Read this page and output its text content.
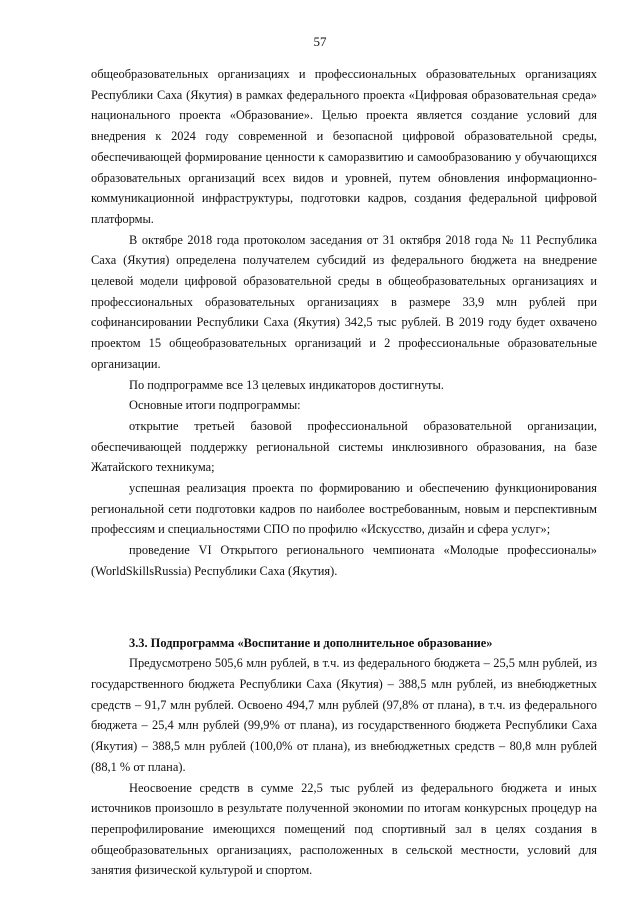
57

общеобразовательных организациях и профессиональных образовательных организациях Республики Саха (Якутия) в рамках федерального проекта «Цифровая образовательная среда» национального проекта «Образование». Целью проекта является создание условий для внедрения к 2024 году современной и безопасной цифровой образовательной среды, обеспечивающей формирование ценности к саморазвитию и самообразованию у обучающихся образовательных организаций всех видов и уровней, путем обновления информационно-коммуникационной инфраструктуры, подготовки кадров, создания федеральной цифровой платформы.

В октябре 2018 года протоколом заседания от 31 октября 2018 года № 11 Республика Саха (Якутия) определена получателем субсидий из федерального бюджета на внедрение целевой модели цифровой образовательной среды в общеобразовательных организациях и профессиональных образовательных организациях в размере 33,9 млн рублей при софинансировании Республики Саха (Якутия) 342,5 тыс рублей. В 2019 году будет охвачено проектом 15 общеобразовательных организаций и 2 профессиональные образовательные организации.

По подпрограмме все 13 целевых индикаторов достигнуты.

Основные итоги подпрограммы:

открытие третьей базовой профессиональной образовательной организации, обеспечивающей поддержку региональной системы инклюзивного образования, на базе Жатайского техникума;

успешная реализация проекта по формированию и обеспечению функционирования региональной сети подготовки кадров по наиболее востребованным, новым и перспективным профессиям и специальностями СПО по профилю «Искусство, дизайн и сфера услуг»;

проведение VI Открытого регионального чемпионата «Молодые профессионалы» (WorldSkillsRussia) Республики Саха (Якутия).

3.3. Подпрограмма «Воспитание и дополнительное образование»

Предусмотрено 505,6 млн рублей, в т.ч. из федерального бюджета – 25,5 млн рублей, из государственного бюджета Республики Саха (Якутия) – 388,5 млн рублей, из внебюджетных средств – 91,7 млн рублей. Освоено 494,7 млн рублей (97,8% от плана), в т.ч. из федерального бюджета – 25,4 млн рублей (99,9% от плана), из государственного бюджета Республики Саха (Якутия) – 388,5 млн рублей (100,0% от плана), из внебюджетных средств – 80,8 млн рублей (88,1 % от плана).

Неосвоение средств в сумме 22,5 тыс рублей из федерального бюджета и иных источников произошло в результате полученной экономии по итогам конкурсных процедур на перепрофилирование имеющихся помещений под спортивный зал в целях создания в общеобразовательных организациях, расположенных в сельской местности, условий для занятия физической культурой и спортом.
